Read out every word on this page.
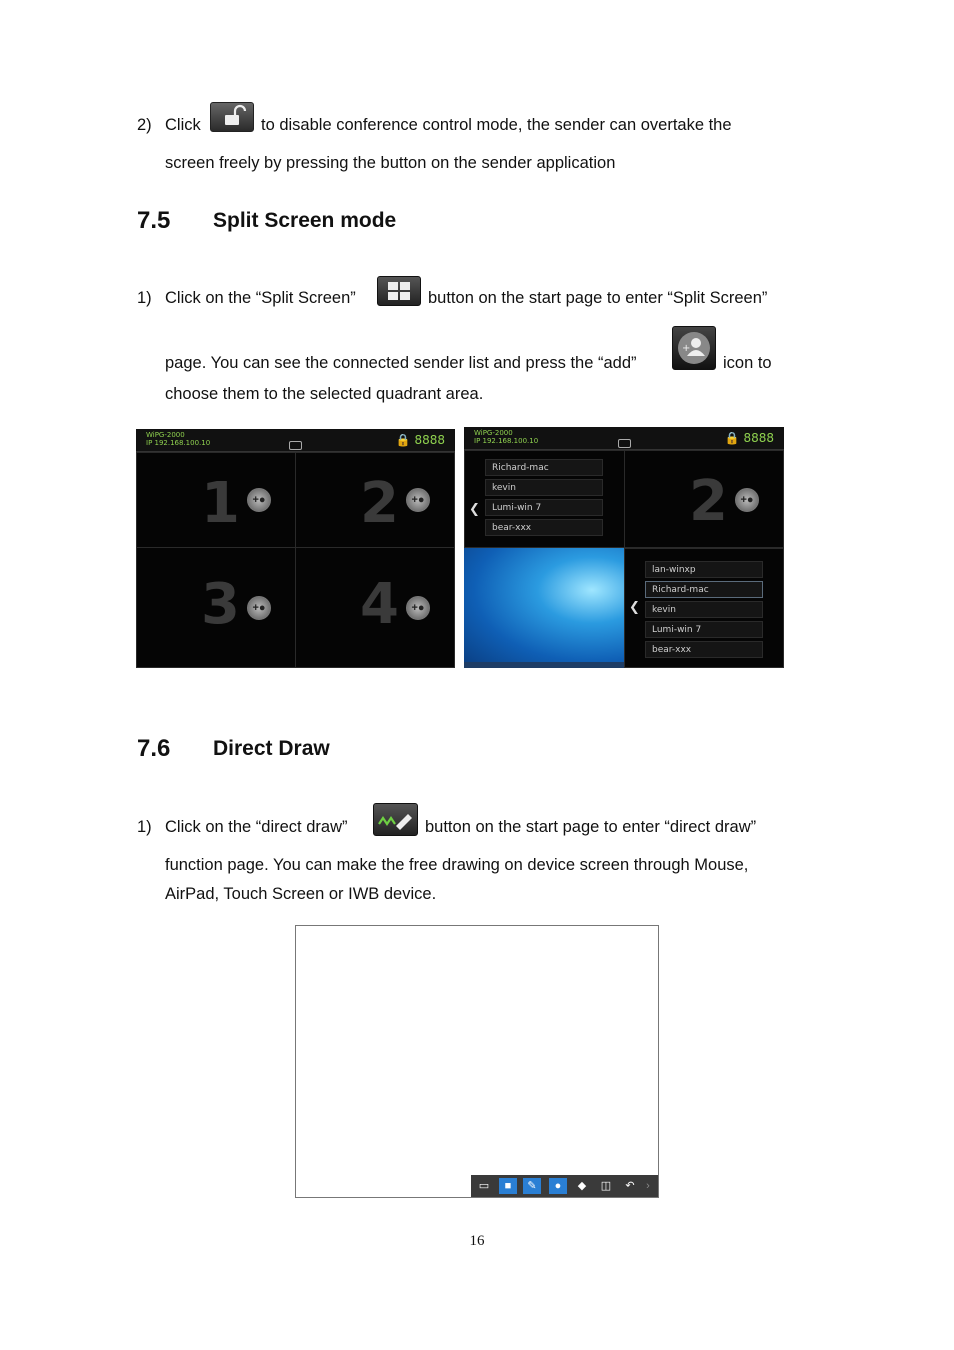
2) Click	to disable conference control mode, the sender can overtake the
screen freely by pressing the button on the sender application
7.5 Split Screen mode
1) Click on the “Split Screen”	button on the start page to enter “Split Screen”
page. You can see the connected sender list and press the “add”
+
icon to
choose them to the selected quadrant area.
WiPG-2000
IP 192.168.100.10	🔒 8888
1	+● 2	+●
3	+● 4	+●
WiPG-2000
IP 192.168.100.10	🔒 8888
❮
Richard-mac
kevin
Lumi-win 7
bear-xxx	2	+●
❮
lan-winxp
Richard-mac
kevin
Lumi-win 7
bear-xxx
7.6 Direct Draw
1) Click on the “direct draw”	button on the start page to enter “direct draw”
function page. You can make the free drawing on device screen through Mouse,
AirPad, Touch Screen or IWB device.
▭	■	✎	●	◆	◫	↶	›
16
